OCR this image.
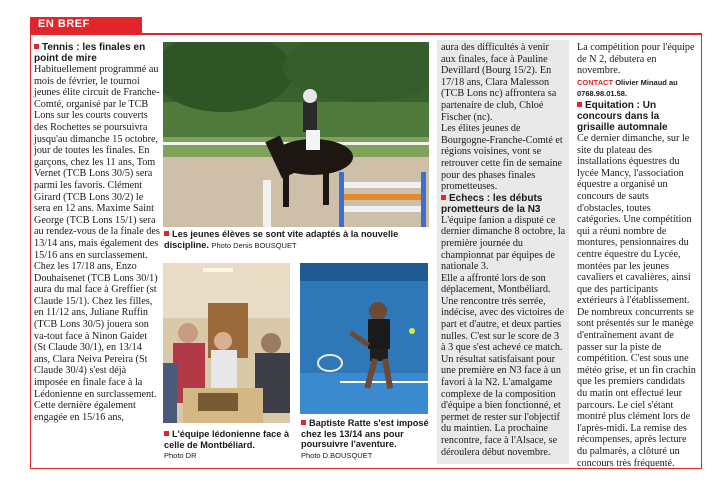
EN BREF

Tennis : les finales en point de mire

Habituellement programmé au mois de février, le tournoi jeunes élite circuit de Franche-Comté, organisé par le TCB Lons sur les courts couverts des Rochettes se poursuivra jusqu'au dimanche 15 octobre, jour de toutes les finales. En garçons, chez les 11 ans, Tom Vernet (TCB Lons 30/5) sera parmi les favoris. Clément Girard (TCB Lons 30/2) le sera en 12 ans. Maxime Saint George (TCB Lons 15/1) sera au rendez-vous de la finale des 13/14 ans, mais également des 15/16 ans en surclassement. Chez les 17/18 ans, Enzo Douhaisenet (TCB Lons 30/1) aura du mal face à Greffier (st Claude 15/1). Chez les filles, en 11/12 ans, Juliane Ruffin (TCB Lons 30/5) jouera son va-tout face à Ninon Gaidet (St Claude 30/1), en 13/14 ans, Clara Neiva Pereira (St Claude 30/4) s'est déjà imposée en finale face à la Lédonienne en surclassement. Cette dernière également engagée en 15/16 ans,

Les jeunes élèves se sont vite adaptés à la nouvelle discipline. Photo Denis BOUSQUET
L'équipe lédonienne face à celle de Montbéliard.
Photo DR
Baptiste Ratte s'est imposé chez les 13/14 ans pour poursuivre l'aventure.
Photo D.BOUSQUET

aura des difficultés à venir aux finales, face à Pauline Devillard (Bourg 15/2). En 17/18 ans, Clara Malesson (TCB Lons nc) affrontera sa partenaire de club, Chloé Fischer (nc).

Les élites jeunes de Bourgogne-Franche-Comté et régions voisines, vont se retrouver cette fin de semaine pour des phases finales prometteuses.

Echecs : les débuts prometteurs de la N3

L'équipe fanion a disputé ce dernier dimanche 8 octobre, la première journée du championnat par équipes de nationale 3.

Elle a affronté lors de son déplacement, Montbéliard. Une rencontre très serrée, indécise, avec des victoires de part et d'autre, et deux parties nulles. C'est sur le score de 3 à 3 que s'est achevé ce match. Un résultat satisfaisant pour une première en N3 face à un favori à la N2. L'amalgame complexe de la composition d'équipe a bien fonctionné, et permet de rester sur l'objectif du maintien. La prochaine rencontre, face à l'Alsace, se déroulera début novembre.

La compétition pour l'équipe de N 2, débutera en novembre.

CONTACT Olivier Minaud au 0768.98.01.58.

Equitation : Un concours dans la grisaille automnale

Ce dernier dimanche, sur le site du plateau des installations équestres du lycée Mancy, l'association équestre a organisé un concours de sauts d'obstacles, toutes catégories. Une compétition qui a réuni nombre de montures, pensionnaires du centre équestre du Lycée, montées par les jeunes cavaliers et cavalières, ainsi que des participants extérieurs à l'établissement. De nombreux concurrents se sont présentés sur le manège d'entraînement avant de passer sur la piste de compétition. C'est sous une météo grise, et un fin crachin que les premiers candidats du matin ont effectué leur parcours. Le ciel s'étant montré plus clément lors de l'après-midi. La remise des récompenses, après lecture du palmarès, a clôturé un concours très fréquenté.
